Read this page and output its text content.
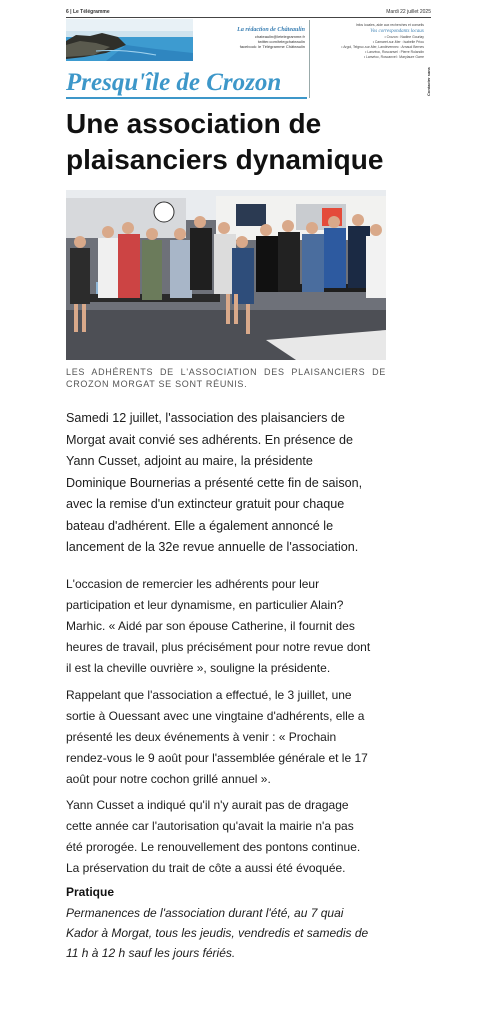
6 | Le Télégramme	Mardi 22 juillet 2025
La rédaction de Châteaulin
chateaulin@letelegramme.fr
twitter.com/telegchateaulin
facebook: le Télégramme Châteaulin
Infos locales, aide aux recherches et conseils
Vos correspondants locaux
• Crozon : Nadine Gourlay
• Camaret-sur-Mer : Isabelle Priou
• Argol, Telgruc-sur-Mer, Landévennec : Arnaud Bernes
• Lanvéoc, Roscanvel : Pierre Rolandin
• Lanvéoc, Roscanvel : Marylaure Garre
Contacter sans
Presqu'île de Crozon
Une association de plaisanciers dynamique
LES ADHÉRENTS DE L'ASSOCIATION DES PLAISANCIERS DE CROZON MORGAT SE SONT RÉUNIS.
Samedi 12 juillet, l'association des plaisanciers de Morgat avait convié ses adhérents. En présence de Yann Cusset, adjoint au maire, la présidente Dominique Bournerias a présenté cette fin de saison, avec la remise d'un extincteur gratuit pour chaque bateau d'adhérent. Elle a également annoncé le lancement de la 32e revue annuelle de l'association.
L'occasion de remercier les adhérents pour leur participation et leur dynamisme, en particulier Alain?Marhic. « Aidé par son épouse Catherine, il fournit des heures de travail, plus précisément pour notre revue dont il est la cheville ouvrière », souligne la présidente.
Rappelant que l'association a effectué, le 3 juillet, une sortie à Ouessant avec une vingtaine d'adhérents, elle a présenté les deux événements à venir : « Prochain rendez-vous le 9 août pour l'assemblée générale et le 17 août pour notre cochon grillé annuel ».
Yann Cusset a indiqué qu'il n'y aurait pas de dragage cette année car l'autorisation qu'avait la mairie n'a pas été prorogée. Le renouvellement des pontons continue. La préservation du trait de côte a aussi été évoquée.
Pratique
Permanences de l'association durant l'été, au 7 quai Kador à Morgat, tous les jeudis, vendredis et samedis de 11 h à 12 h sauf les jours fériés.
